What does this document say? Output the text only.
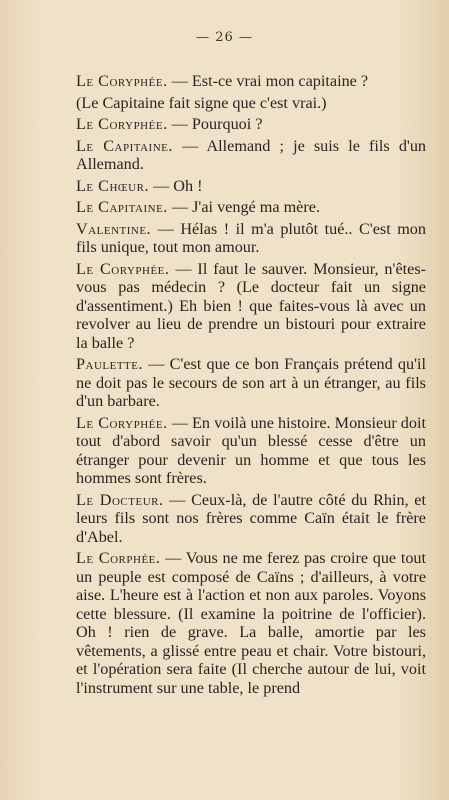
— 26 —

Le Coryphée. — Est-ce vrai mon capitaine ?

(Le Capitaine fait signe que c'est vrai.)

Le Coryphée. — Pourquoi ?

Le Capitaine. — Allemand ; je suis le fils d'un Allemand.

Le Chœur. — Oh !

Le Capitaine. — J'ai vengé ma mère.

Valentine. — Hélas ! il m'a plutôt tué.. C'est mon fils unique, tout mon amour.

Le Coryphée. — Il faut le sauver. Monsieur, n'êtes-vous pas médecin ? (Le docteur fait un signe d'assentiment.) Eh bien ! que faites-vous là avec un revolver au lieu de prendre un bistouri pour extraire la balle ?

Paulette. — C'est que ce bon Français prétend qu'il ne doit pas le secours de son art à un étranger, au fils d'un barbare.

Le Coryphée. — En voilà une histoire. Monsieur doit tout d'abord savoir qu'un blessé cesse d'être un étranger pour devenir un homme et que tous les hommes sont frères.

Le Docteur. — Ceux-là, de l'autre côté du Rhin, et leurs fils sont nos frères comme Caïn était le frère d'Abel.

Le Corphée. — Vous ne me ferez pas croire que tout un peuple est composé de Caïns ; d'ailleurs, à votre aise. L'heure est à l'action et non aux paroles. Voyons cette blessure. (Il examine la poitrine de l'officier). Oh ! rien de grave. La balle, amortie par les vêtements, a glissé entre peau et chair. Votre bistouri, et l'opération sera faite (Il cherche autour de lui, voit l'instrument sur une table, le prend
